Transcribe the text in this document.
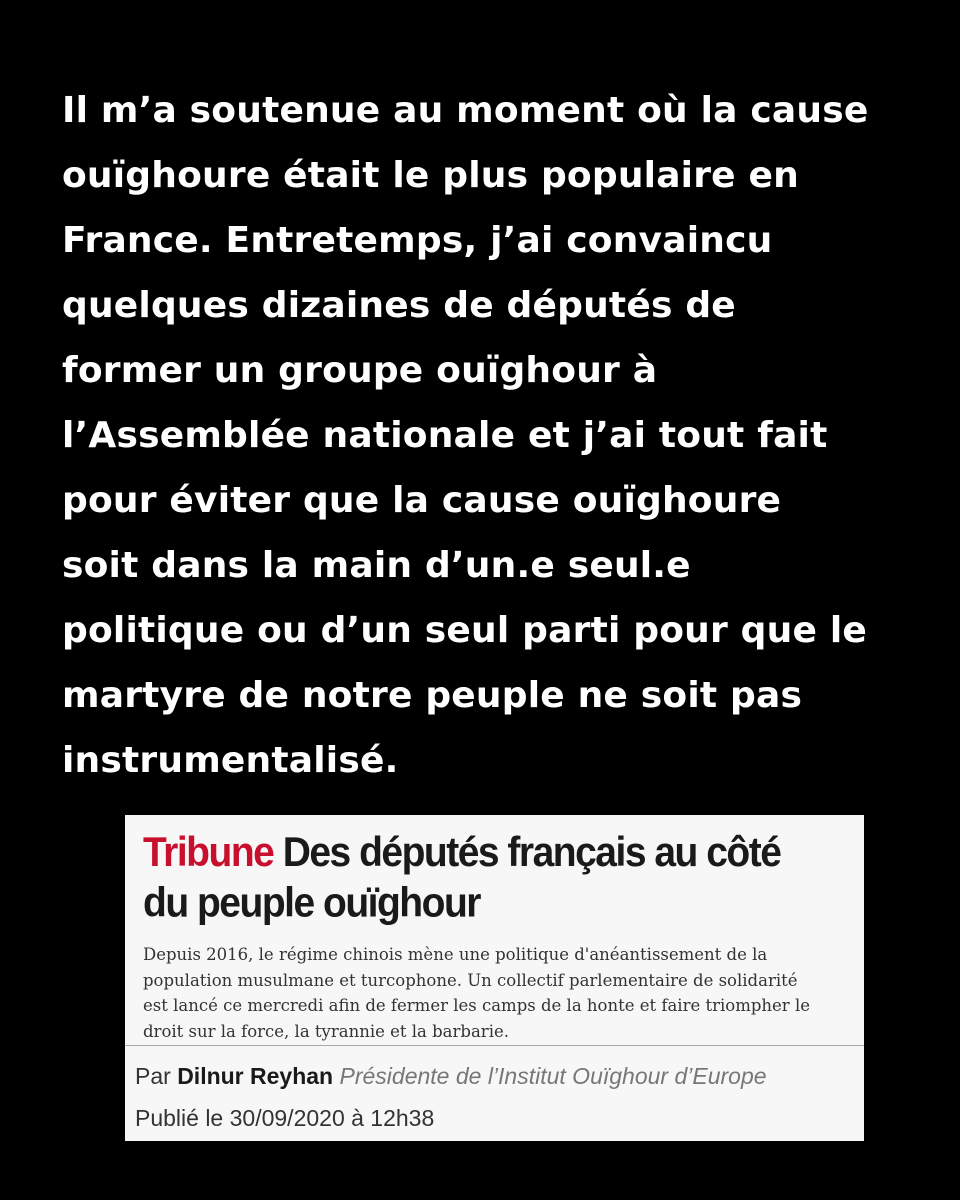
Il m’a soutenue au moment où la cause
ouïghoure était le plus populaire en
France. Entretemps, j’ai convaincu
quelques dizaines de députés de
former un groupe ouïghour à
l’Assemblée nationale et j’ai tout fait
pour éviter que la cause ouïghoure
soit dans la main d’un.e seul.e
politique ou d’un seul parti pour que le
martyre de notre peuple ne soit pas
instrumentalisé.

Tribune Des députés français au côté
du peuple ouïghour

Depuis 2016, le régime chinois mène une politique d'anéantissement de la
population musulmane et turcophone. Un collectif parlementaire de solidarité
est lancé ce mercredi afin de fermer les camps de la honte et faire triompher le
droit sur la force, la tyrannie et la barbarie.

Par Dilnur Reyhan Présidente de l’Institut Ouïghour d’Europe

Publié le 30/09/2020 à 12h38
